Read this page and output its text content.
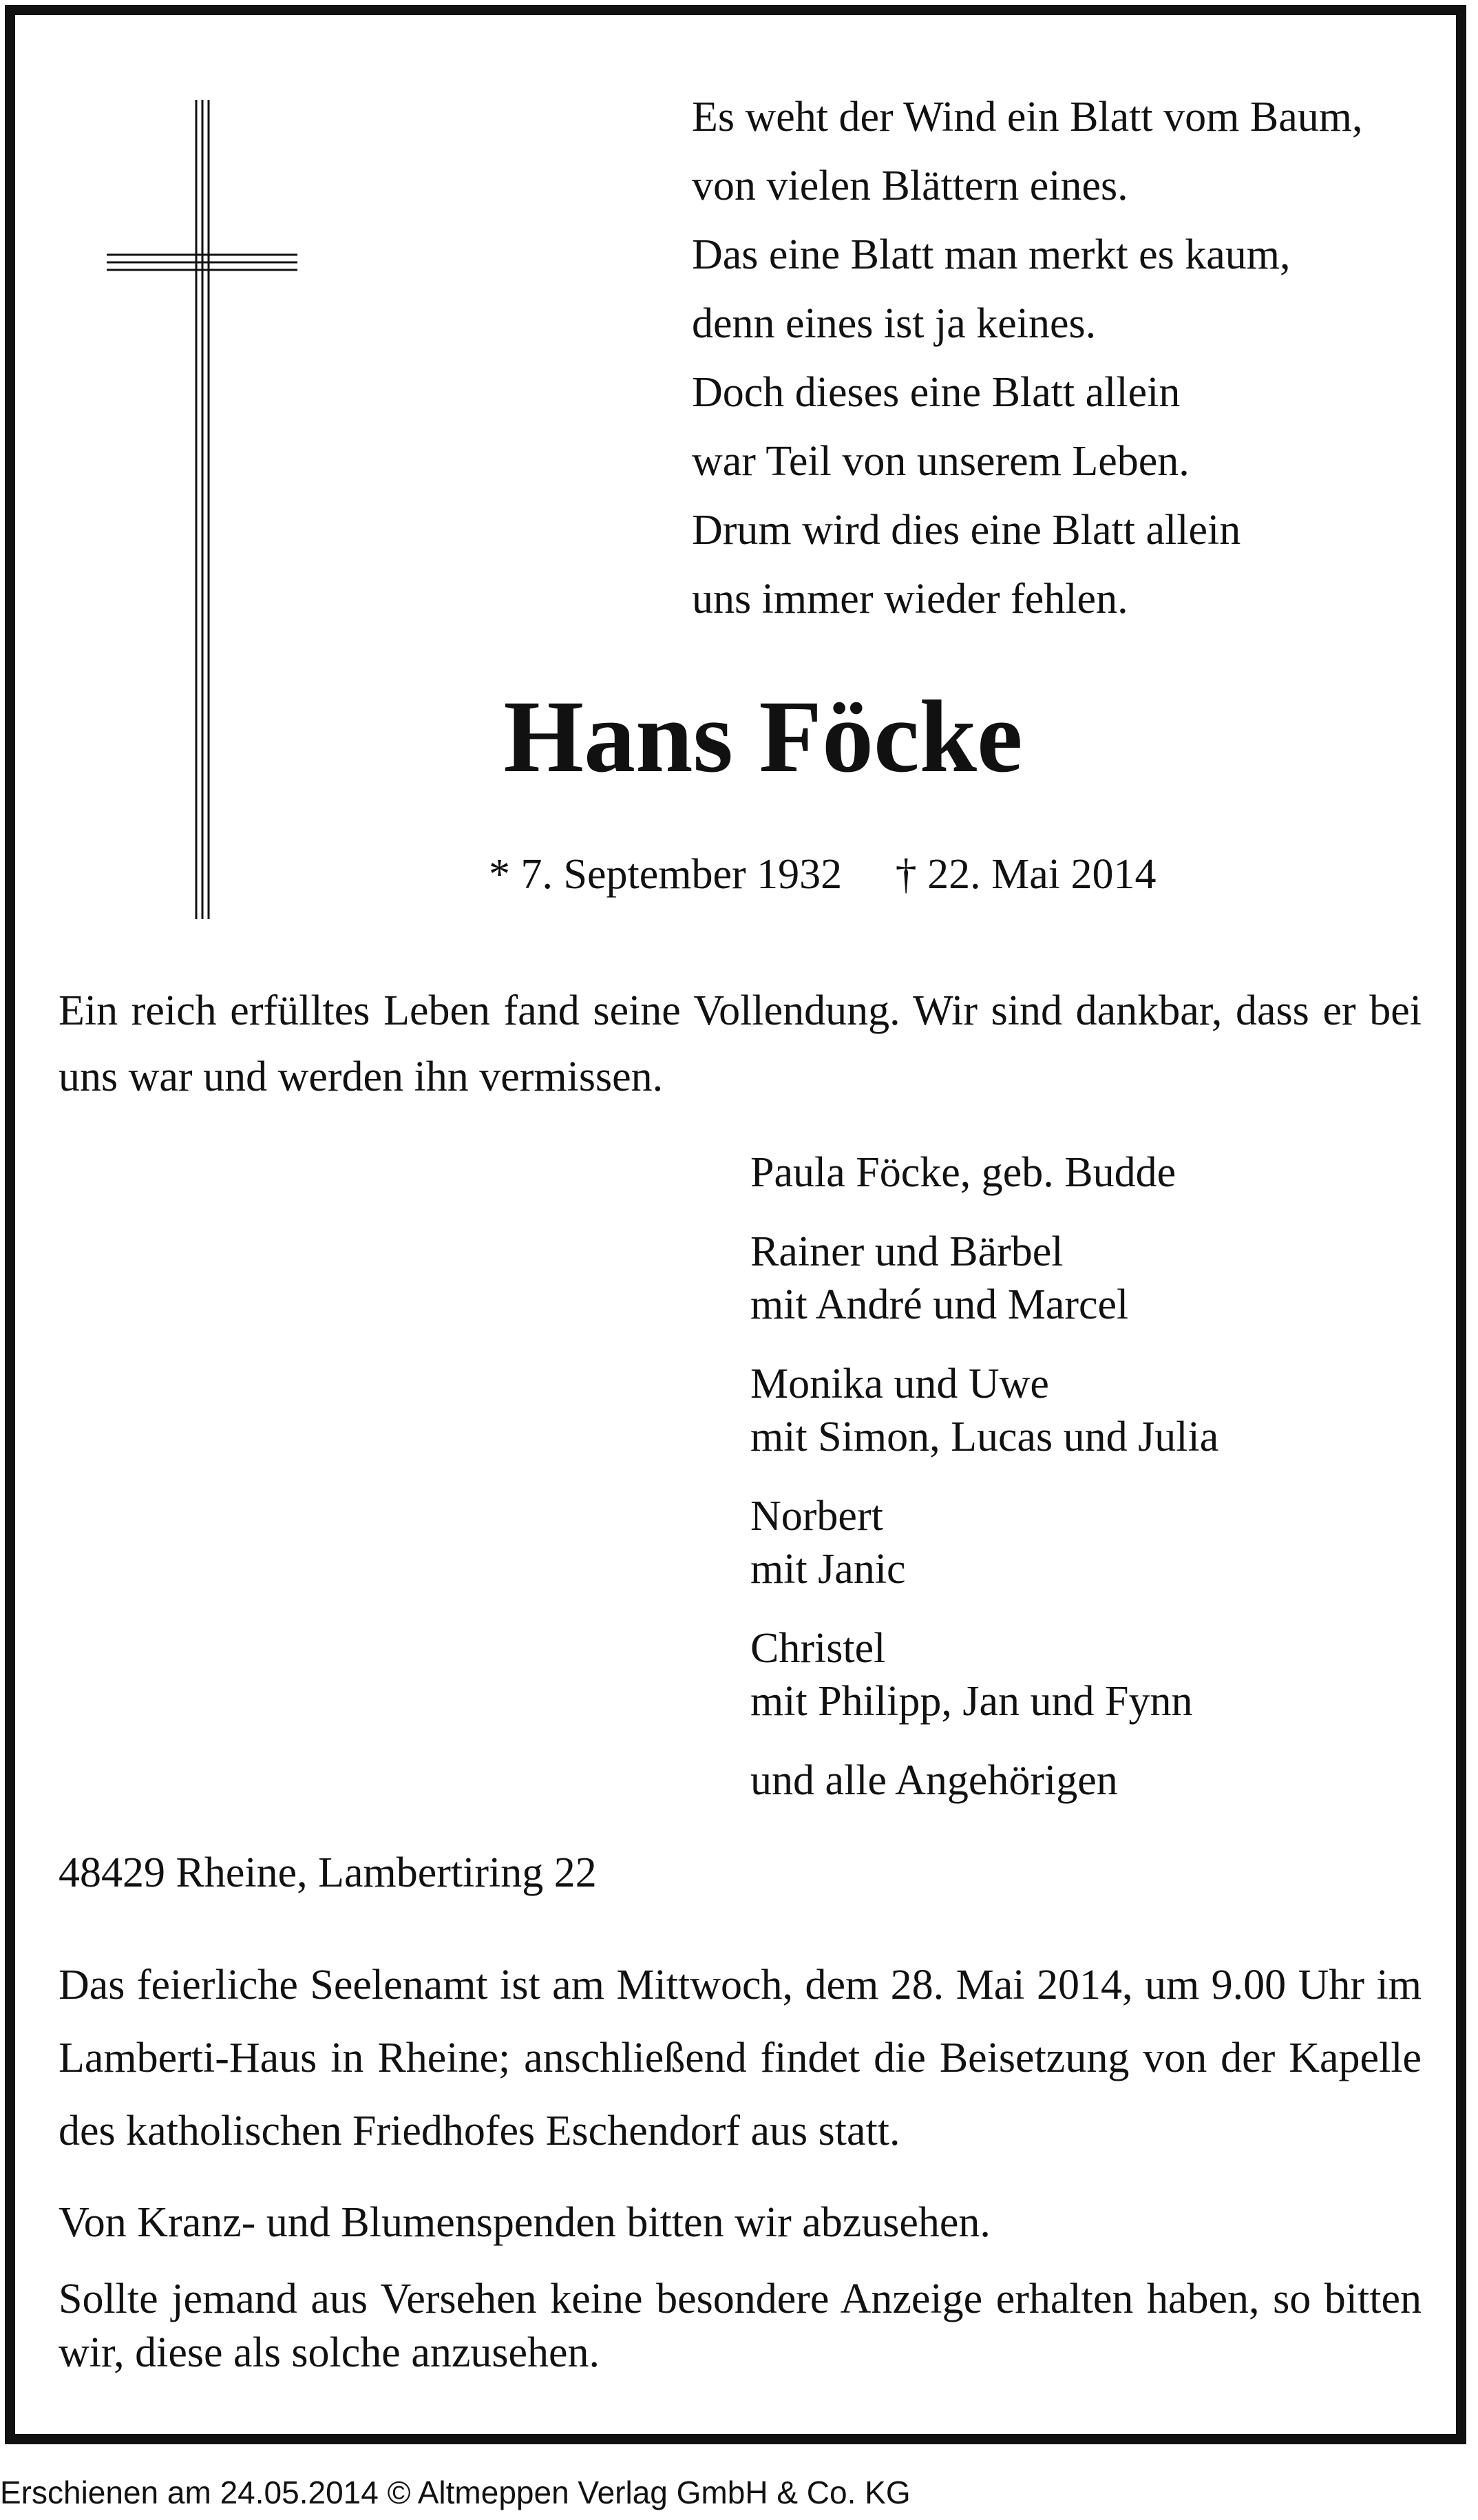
Es weht der Wind ein Blatt vom Baum,
von vielen Blättern eines.
Das eine Blatt man merkt es kaum,
denn eines ist ja keines.
Doch dieses eine Blatt allein
war Teil von unserem Leben.
Drum wird dies eine Blatt allein
uns immer wieder fehlen.
Hans Föcke
* 7. September 1932 † 22. Mai 2014
Ein reich erfülltes Leben fand seine Vollendung. Wir sind dankbar, dass er bei uns war und werden ihn vermissen.
Paula Föcke, geb. Budde
Rainer und Bärbel
mit André und Marcel
Monika und Uwe
mit Simon, Lucas und Julia
Norbert
mit Janic
Christel
mit Philipp, Jan und Fynn
und alle Angehörigen
48429 Rheine, Lambertiring 22
Das feierliche Seelenamt ist am Mittwoch, dem 28. Mai 2014, um 9.00 Uhr im Lamberti-Haus in Rheine; anschließend findet die Beisetzung von der Kapelle des katholischen Friedhofes Eschendorf aus statt.
Von Kranz- und Blumenspenden bitten wir abzusehen.
Sollte jemand aus Versehen keine besondere Anzeige erhalten haben, so bitten wir, diese als solche anzusehen.
Erschienen am 24.05.2014 © Altmeppen Verlag GmbH & Co. KG
